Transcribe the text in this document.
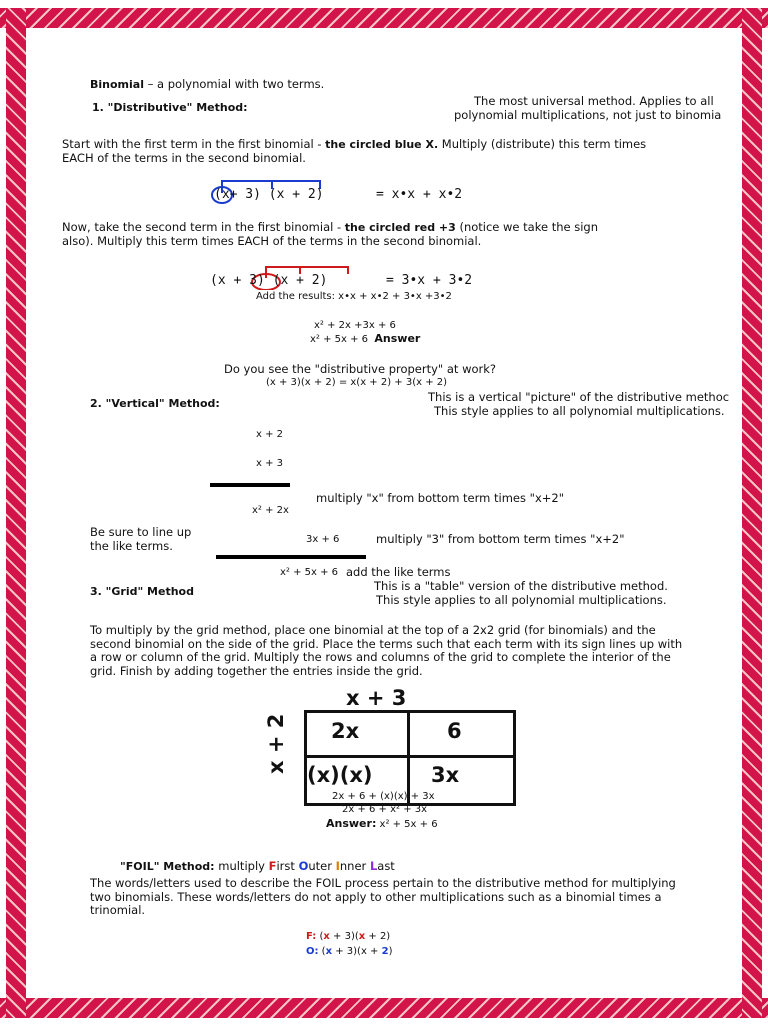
Binomial – a polynomial with two terms.
1. "Distributive" Method:	The most universal method. Applies to all
polynomial multiplications, not just to binomia
Start with the first term in the first binomial - the circled blue X. Multiply (distribute) this term times
EACH of the terms in the second binomial.
(x+ 3) (x + 2)	= x•x + x•2
Now, take the second term in the first binomial - the circled red +3 (notice we take the sign
also). Multiply this term times EACH of the terms in the second binomial.
(x + 3) (x + 2)	= 3•x + 3•2
Add the results: x•x + x•2 + 3•x +3•2
x² + 2x +3x + 6
x² + 5x + 6 Answer
Do you see the "distributive property" at work?
(x + 3)(x + 2) = x(x + 2) + 3(x + 2)
2. "Vertical" Method:	This is a vertical "picture" of the distributive methoc
This style applies to all polynomial multiplications.
x + 2
x + 3
multiply "x" from bottom term times "x+2"
x² + 2x
Be sure to line up
the like terms.	3x + 6	multiply "3" from bottom term times "x+2"
x² + 5x + 6 add the like terms
3. "Grid" Method	This is a "table" version of the distributive method.
This style applies to all polynomial multiplications.
To multiply by the grid method, place one binomial at the top of a 2x2 grid (for binomials) and the second binomial on the side of the grid. Place the terms such that each term with its sign lines up with a row or column of the grid. Multiply the rows and columns of the grid to complete the interior of the grid. Finish by adding together the entries inside the grid.
x + 3
x + 2 2x	6
(x)(x)	3x
2x + 6 + (x)(x) + 3x
2x + 6 + x² + 3x
Answer: x² + 5x + 6
"FOIL" Method: multiply First Outer Inner Last
The words/letters used to describe the FOIL process pertain to the distributive method for multiplying two binomials. These words/letters do not apply to other multiplications such as a binomial times a trinomial.
F: (x + 3)(x + 2)
O: (x + 3)(x + 2)
